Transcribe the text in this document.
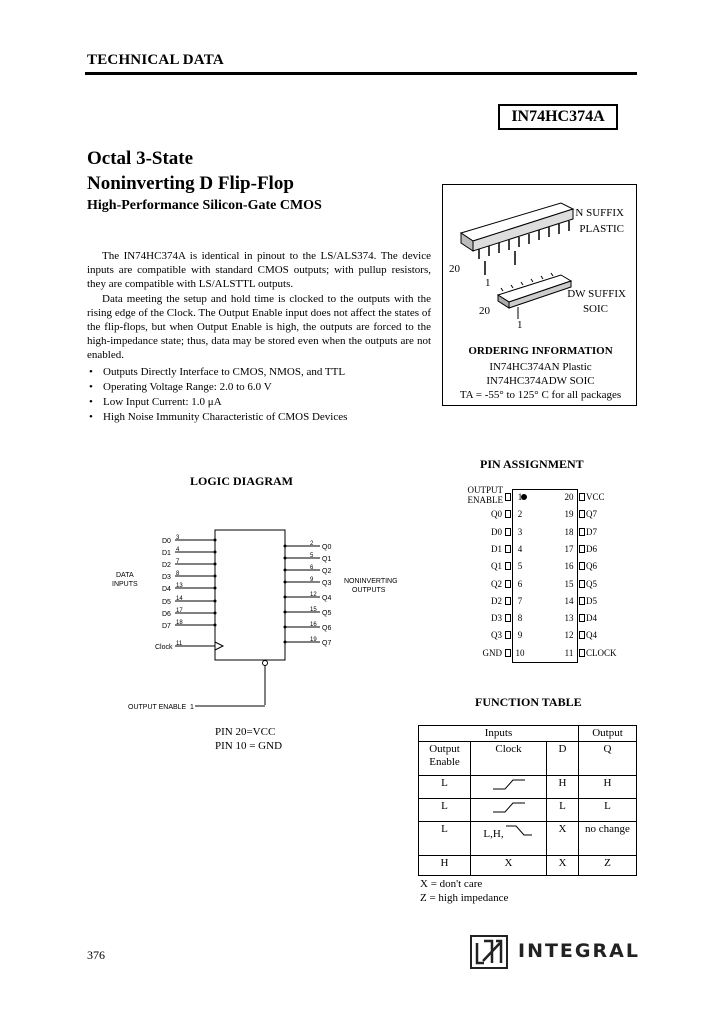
TECHNICAL DATA
IN74HC374A
Octal 3-State
Noninverting D Flip-Flop
High-Performance Silicon-Gate CMOS

The IN74HC374A is identical in pinout to the LS/ALS374. The device inputs are compatible with standard CMOS outputs; with pullup resistors, they are compatible with LS/ALSTTL outputs.

Data meeting the setup and hold time is clocked to the outputs with the rising edge of the Clock. The Output Enable input does not affect the states of the flip-flops, but when Output Enable is high, the outputs are forced to the high-impedance state; thus, data may be stored even when the outputs are not enabled.

• Outputs Directly Interface to CMOS, NMOS, and TTL
• Operating Voltage Range: 2.0 to 6.0 V
• Low Input Current: 1.0 μA
• High Noise Immunity Characteristic of CMOS Devices
20
1
20
1
N SUFFIX
PLASTIC
DW SUFFIX
SOIC
ORDERING INFORMATION
IN74HC374AN Plastic
IN74HC374ADW SOIC
TA = -55° to 125° C for all packages
LOGIC DIAGRAM
D0 3
D1 4
D2 7
D3 8
D4 13
D5 14
D6 17
D7 18
Clock 11
Q0
2
Q1
5
Q2
6
Q3
9
Q4
12
Q5
15
Q6
16
Q7
19
DATA
INPUTS	NONINVERTING
OUTPUTS
OUTPUT ENABLE 1
PIN 20=VCC
PIN 10 = GND
PIN ASSIGNMENT
OUTPUT
ENABLE	1	20 VCC
Q0	2	19 Q7
D0	3	18 D7
D1	4	17 D6
Q1	5	16 Q6
Q2	6	15 Q5
D2	7	14 D5
D3	8	13 D4
Q3	9	12 Q4
GND 10	11 CLOCK
FUNCTION TABLE
Inputs			Output
Output Enable	Clock	D	Q
L		H	H
L		L	L
L	L,H,	X	no change
H	X	X	Z
X = don't care
Z = high impedance
376	INTEGRAL
